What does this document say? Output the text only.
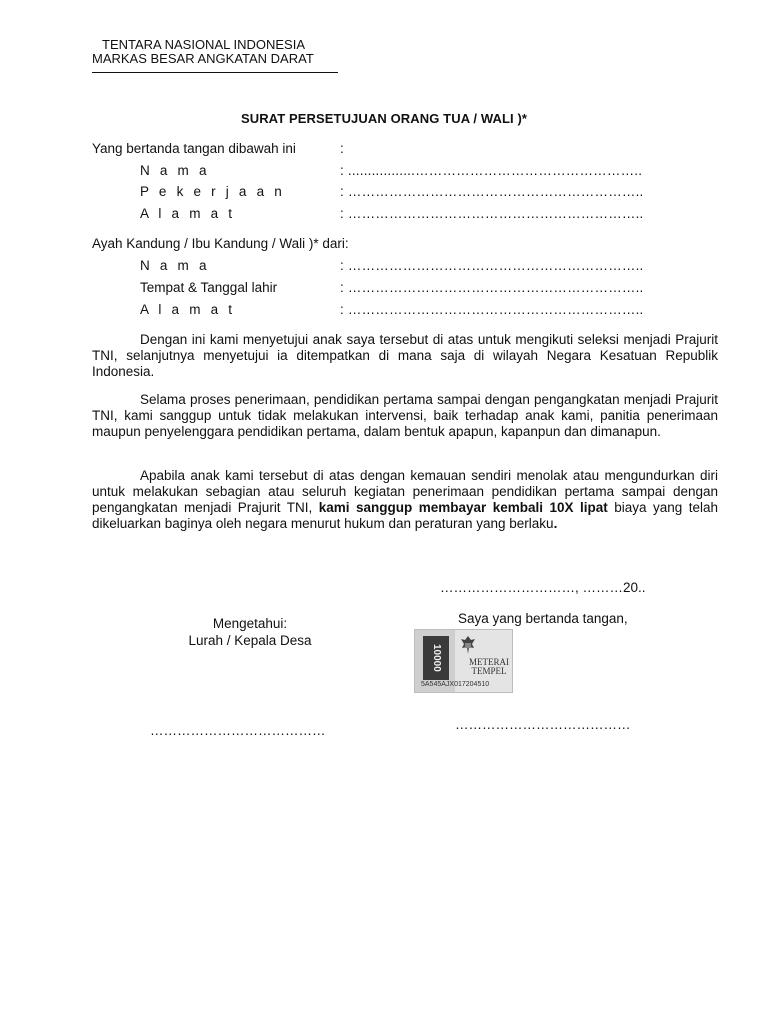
TENTARA NASIONAL INDONESIA
MARKAS BESAR ANGKATAN DARAT
SURAT PERSETUJUAN ORANG TUA / WALI )*
Yang bertanda tangan dibawah ini	:
N a m a	: .................…………………………………………..
P e k e r j a a n	: ………………………………………………………..
A l a m a t	: ………………………………………………………..
Ayah Kandung / Ibu Kandung / Wali )* dari:
N a m a	: ………………………………………………………..
Tempat & Tanggal lahir	: ………………………………………………………..
A l a m a t	: ………………………………………………………..
Dengan ini kami menyetujui anak saya tersebut di atas untuk mengikuti seleksi menjadi Prajurit TNI, selanjutnya menyetujui ia ditempatkan di mana saja di wilayah Negara Kesatuan Republik Indonesia.
Selama proses penerimaan, pendidikan pertama sampai dengan pengangkatan menjadi Prajurit TNI, kami sanggup untuk tidak melakukan intervensi, baik terhadap anak kami, panitia penerimaan maupun penyelenggara pendidikan pertama, dalam bentuk apapun, kapanpun dan dimanapun.
Apabila anak kami tersebut di atas dengan kemauan sendiri menolak atau mengundurkan diri untuk melakukan sebagian atau seluruh kegiatan penerimaan pendidikan pertama sampai dengan pengangkatan menjadi Prajurit TNI, kami sanggup membayar kembali 10X lipat biaya yang telah dikeluarkan baginya oleh negara menurut hukum dan peraturan yang berlaku.
…………………………, ………20..
Mengetahui:
Lurah / Kepala Desa
Saya yang bertanda tangan,
10000	METERAI
TEMPEL
5A545AJX017204510
…………………………………	…………………………………
